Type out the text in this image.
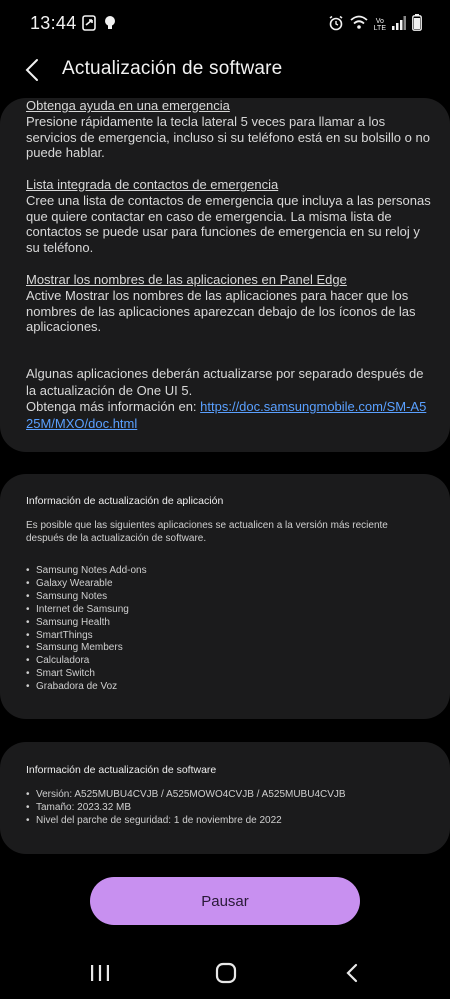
13:44	Vo
LTE
Actualización de software
Obtenga ayuda en una emergencia
Presione rápidamente la tecla lateral 5 veces para llamar a los servicios de emergencia, incluso si su teléfono está en su bolsillo o no puede hablar.
Lista integrada de contactos de emergencia
Cree una lista de contactos de emergencia que incluya a las personas que quiere contactar en caso de emergencia. La misma lista de contactos se puede usar para funciones de emergencia en su reloj y su teléfono.
Mostrar los nombres de las aplicaciones en Panel Edge
Active Mostrar los nombres de las aplicaciones para hacer que los nombres de las aplicaciones aparezcan debajo de los íconos de las aplicaciones.
Algunas aplicaciones deberán actualizarse por separado después de la actualización de One UI 5.
Obtenga más información en: https://doc.samsungmobile.com/SM-A525M/MXO/doc.html
Información de actualización de aplicación
Es posible que las siguientes aplicaciones se actualicen a la versión más reciente después de la actualización de software.
• Samsung Notes Add-ons
• Galaxy Wearable
• Samsung Notes
• Internet de Samsung
• Samsung Health
• SmartThings
• Samsung Members
• Calculadora
• Smart Switch
• Grabadora de Voz
Información de actualización de software
• Versión: A525MUBU4CVJB / A525MOWO4CVJB / A525MUBU4CVJB
• Tamaño: 2023.32 MB
• Nivel del parche de seguridad: 1 de noviembre de 2022
Pausar
